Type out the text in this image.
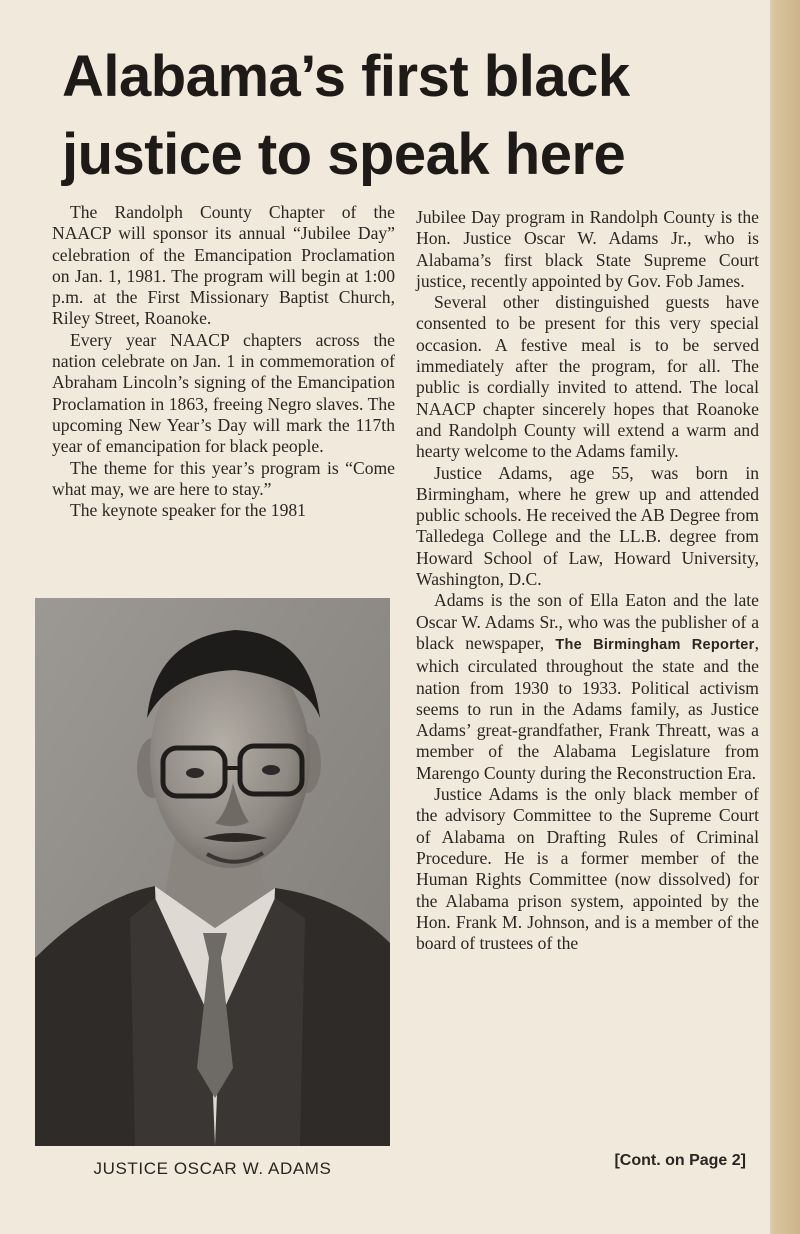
Alabama’s first black justice to speak here

The Randolph County Chapter of the NAACP will sponsor its annual “Jubilee Day” celebration of the Emancipation Proclamation on Jan. 1, 1981. The program will begin at 1:00 p.m. at the First Missionary Baptist Church, Riley Street, Roanoke.

Every year NAACP chapters across the nation celebrate on Jan. 1 in commemoration of Abraham Lincoln’s signing of the Emancipation Proclamation in 1863, freeing Negro slaves. The upcoming New Year’s Day will mark the 117th year of emancipation for black people.

The theme for this year’s program is “Come what may, we are here to stay.”

The keynote speaker for the 1981

JUSTICE OSCAR W. ADAMS

Jubilee Day program in Randolph County is the Hon. Justice Oscar W. Adams Jr., who is Alabama’s first black State Supreme Court justice, recently appointed by Gov. Fob James.

Several other distinguished guests have consented to be present for this very special occasion. A festive meal is to be served immediately after the program, for all. The public is cordially invited to attend. The local NAACP chapter sincerely hopes that Roanoke and Randolph County will extend a warm and hearty welcome to the Adams family.

Justice Adams, age 55, was born in Birmingham, where he grew up and attended public schools. He received the AB Degree from Talledega College and the LL.B. degree from Howard School of Law, Howard University, Washington, D.C.

Adams is the son of Ella Eaton and the late Oscar W. Adams Sr., who was the publisher of a black newspaper, The Birmingham Reporter, which circulated throughout the state and the nation from 1930 to 1933. Political activism seems to run in the Adams family, as Justice Adams’ great-grandfather, Frank Threatt, was a member of the Alabama Legislature from Marengo County during the Reconstruction Era.

Justice Adams is the only black member of the advisory Committee to the Supreme Court of Alabama on Drafting Rules of Criminal Procedure. He is a former member of the Human Rights Committee (now dissolved) for the Alabama prison system, appointed by the Hon. Frank M. Johnson, and is a member of the board of trustees of the

[Cont. on Page 2]
